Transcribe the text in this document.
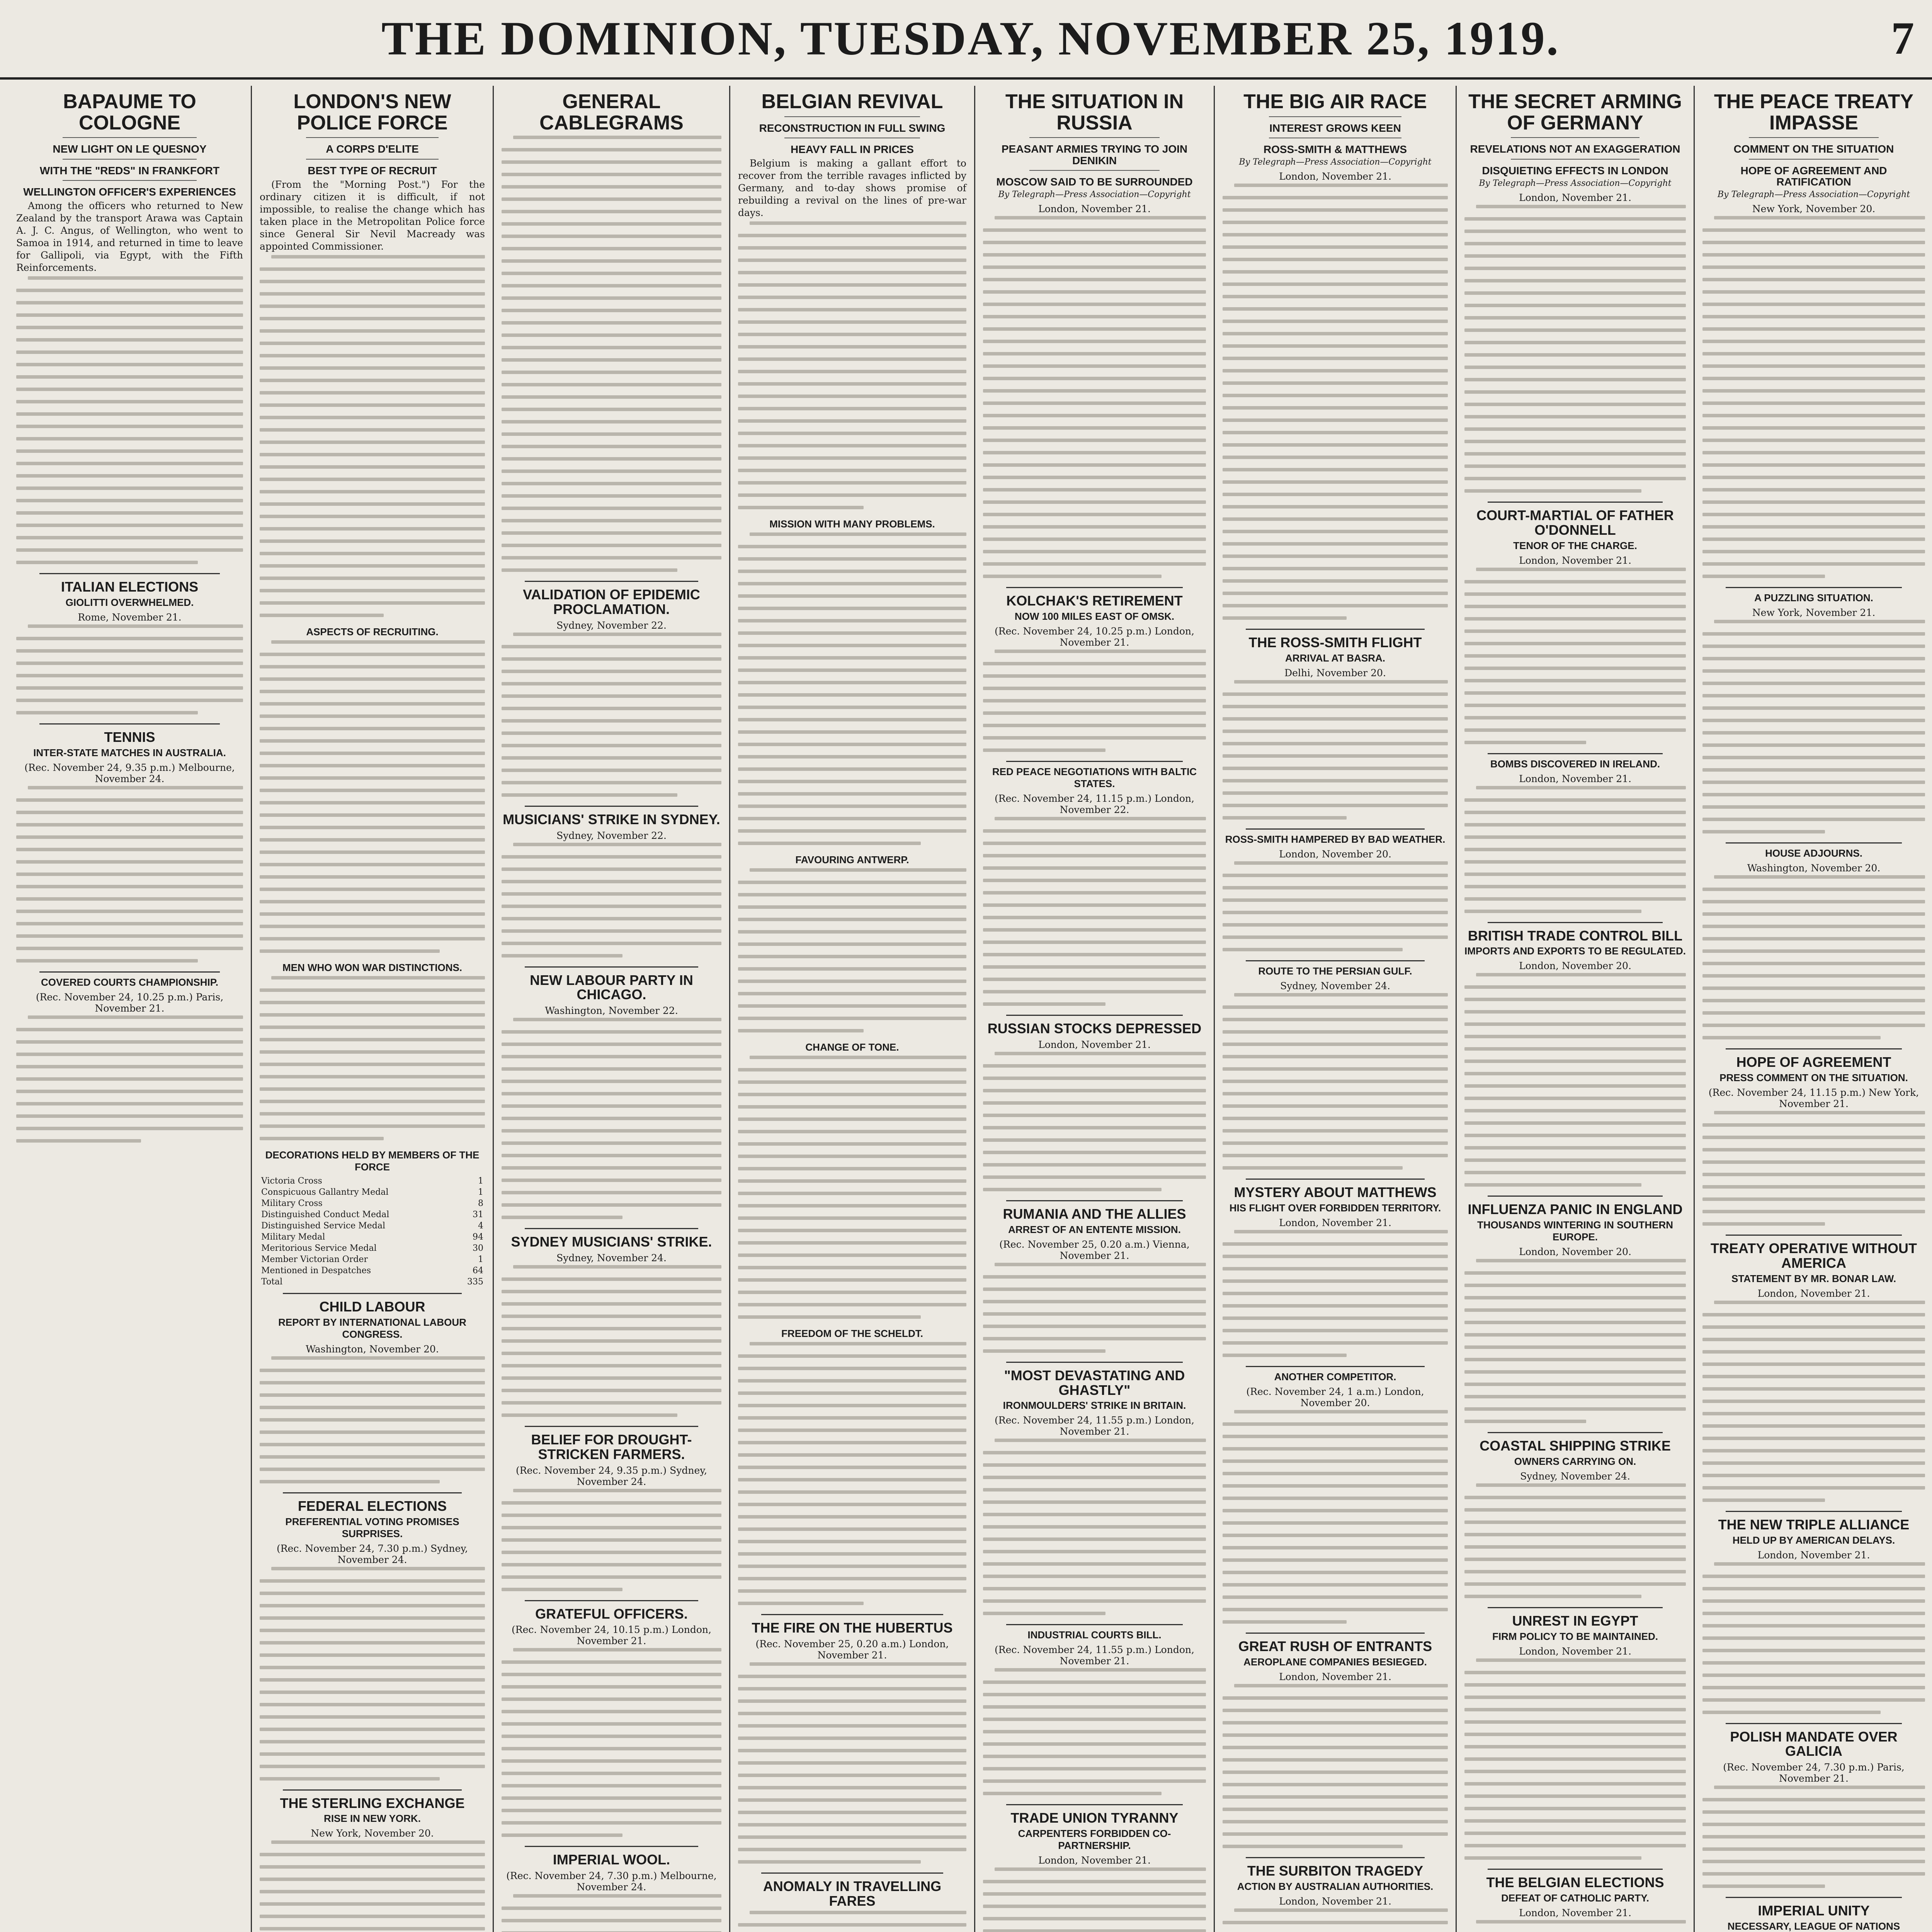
THE DOMINION, TUESDAY, NOVEMBER 25, 1919.	7
BAPAUME TO COLOGNE
NEW LIGHT ON LE QUESNOY
WITH THE "REDS" IN FRANKFORT
WELLINGTON OFFICER'S EXPERIENCES

Among the officers who returned to New Zealand by the transport Arawa was Captain A. J. C. Angus, of Wellington, who went to Samoa in 1914, and returned in time to leave for Gallipoli, via Egypt, with the Fifth Reinforcements.

ITALIAN ELECTIONS
GIOLITTI OVERWHELMED.
Rome, November 21.
TENNIS
INTER-STATE MATCHES IN AUSTRALIA.
(Rec. November 24, 9.35 p.m.) Melbourne, November 24.
COVERED COURTS CHAMPIONSHIP.
(Rec. November 24, 10.25 p.m.) Paris, November 21.
LONDON'S NEW POLICE FORCE
A CORPS D'ELITE
BEST TYPE OF RECRUIT

(From the "Morning Post.") For the ordinary citizen it is difficult, if not impossible, to realise the change which has taken place in the Metropolitan Police force since General Sir Nevil Macready was appointed Commissioner.

ASPECTS OF RECRUITING.
MEN WHO WON WAR DISTINCTIONS.
DECORATIONS HELD BY MEMBERS OF THE FORCE
Victoria Cross	1
Conspicuous Gallantry Medal	1
Military Cross	8
Distinguished Conduct Medal	31
Distinguished Service Medal	4
Military Medal	94
Meritorious Service Medal	30
Member Victorian Order	1
Mentioned in Despatches	64
Total	335
CHILD LABOUR
REPORT BY INTERNATIONAL LABOUR CONGRESS.
Washington, November 20.
FEDERAL ELECTIONS
PREFERENTIAL VOTING PROMISES SURPRISES.
(Rec. November 24, 7.30 p.m.) Sydney, November 24.
THE STERLING EXCHANGE
RISE IN NEW YORK.
New York, November 20.
GENERAL CABLEGRAMS
VALIDATION OF EPIDEMIC PROCLAMATION.
Sydney, November 22.
MUSICIANS' STRIKE IN SYDNEY.
Sydney, November 22.
NEW LABOUR PARTY IN CHICAGO.
Washington, November 22.
SYDNEY MUSICIANS' STRIKE.
Sydney, November 24.
BELIEF FOR DROUGHT-STRICKEN FARMERS.
(Rec. November 24, 9.35 p.m.) Sydney, November 24.
GRATEFUL OFFICERS.
(Rec. November 24, 10.15 p.m.) London, November 21.
IMPERIAL WOOL.
(Rec. November 24, 7.30 p.m.) Melbourne, November 24.
BELGIAN REVIVAL
RECONSTRUCTION IN FULL SWING
HEAVY FALL IN PRICES

Belgium is making a gallant effort to recover from the terrible ravages inflicted by Germany, and to-day shows promise of rebuilding a revival on the lines of pre-war days.

MISSION WITH MANY PROBLEMS.
FAVOURING ANTWERP.
CHANGE OF TONE.
FREEDOM OF THE SCHELDT.
THE FIRE ON THE HUBERTUS
(Rec. November 25, 0.20 a.m.) London, November 21.
ANOMALY IN TRAVELLING FARES
THE SITUATION IN RUSSIA
PEASANT ARMIES TRYING TO JOIN DENIKIN
MOSCOW SAID TO BE SURROUNDED
By Telegraph—Press Association—Copyright
London, November 21.
KOLCHAK'S RETIREMENT
NOW 100 MILES EAST OF OMSK.
(Rec. November 24, 10.25 p.m.) London, November 21.
RED PEACE NEGOTIATIONS WITH BALTIC STATES.
(Rec. November 24, 11.15 p.m.) London, November 22.
RUSSIAN STOCKS DEPRESSED
London, November 21.
RUMANIA AND THE ALLIES
ARREST OF AN ENTENTE MISSION.
(Rec. November 25, 0.20 a.m.) Vienna, November 21.
"MOST DEVASTATING AND GHASTLY"
IRONMOULDERS' STRIKE IN BRITAIN.
(Rec. November 24, 11.55 p.m.) London, November 21.
INDUSTRIAL COURTS BILL.
(Rec. November 24, 11.55 p.m.) London, November 21.
TRADE UNION TYRANNY
CARPENTERS FORBIDDEN CO-PARTNERSHIP.
London, November 21.
THE BIG AIR RACE
INTEREST GROWS KEEN
ROSS-SMITH & MATTHEWS
By Telegraph—Press Association—Copyright
London, November 21.
THE ROSS-SMITH FLIGHT
ARRIVAL AT BASRA.
Delhi, November 20.
ROSS-SMITH HAMPERED BY BAD WEATHER.
London, November 20.
ROUTE TO THE PERSIAN GULF.
Sydney, November 24.
MYSTERY ABOUT MATTHEWS
HIS FLIGHT OVER FORBIDDEN TERRITORY.
London, November 21.
ANOTHER COMPETITOR.
(Rec. November 24, 1 a.m.) London, November 20.
GREAT RUSH OF ENTRANTS
AEROPLANE COMPANIES BESIEGED.
London, November 21.
THE SURBITON TRAGEDY
ACTION BY AUSTRALIAN AUTHORITIES.
London, November 21.
THE SECRET ARMING OF GERMANY
REVELATIONS NOT AN EXAGGERATION
DISQUIETING EFFECTS IN LONDON
By Telegraph—Press Association—Copyright
London, November 21.
COURT-MARTIAL OF FATHER O'DONNELL
TENOR OF THE CHARGE.
London, November 21.
BOMBS DISCOVERED IN IRELAND.
London, November 21.
BRITISH TRADE CONTROL BILL
IMPORTS AND EXPORTS TO BE REGULATED.
London, November 20.
INFLUENZA PANIC IN ENGLAND
THOUSANDS WINTERING IN SOUTHERN EUROPE.
London, November 20.
COASTAL SHIPPING STRIKE
OWNERS CARRYING ON.
Sydney, November 24.
UNREST IN EGYPT
FIRM POLICY TO BE MAINTAINED.
London, November 21.
THE BELGIAN ELECTIONS
DEFEAT OF CATHOLIC PARTY.
London, November 21.
THE PEACE TREATY IMPASSE
COMMENT ON THE SITUATION
HOPE OF AGREEMENT AND RATIFICATION
By Telegraph—Press Association—Copyright
New York, November 20.
A PUZZLING SITUATION.
New York, November 21.
HOUSE ADJOURNS.
Washington, November 20.
HOPE OF AGREEMENT
PRESS COMMENT ON THE SITUATION.
(Rec. November 24, 11.15 p.m.) New York, November 21.
TREATY OPERATIVE WITHOUT AMERICA
STATEMENT BY MR. BONAR LAW.
London, November 21.
THE NEW TRIPLE ALLIANCE
HELD UP BY AMERICAN DELAYS.
London, November 21.
POLISH MANDATE OVER GALICIA
(Rec. November 24, 7.30 p.m.) Paris, November 21.
IMPERIAL UNITY
NECESSARY, LEAGUE OF NATIONS
